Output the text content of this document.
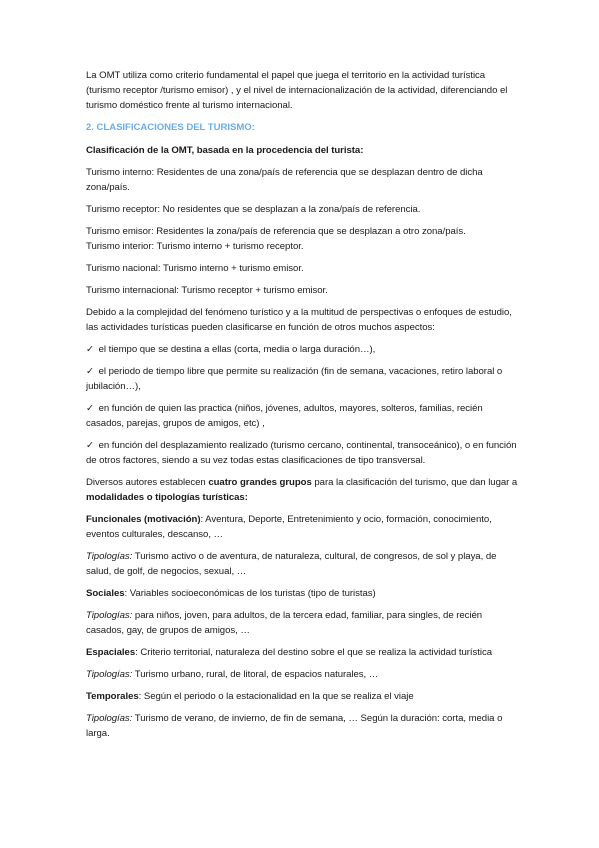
La OMT utiliza como criterio fundamental el papel que juega el territorio en la actividad turística (turismo receptor /turismo emisor) , y el nivel de internacionalización de la actividad, diferenciando el turismo doméstico frente al turismo internacional.

2. CLASIFICACIONES DEL TURISMO:

Clasificación de la OMT, basada en la procedencia del turista:

Turismo interno: Residentes de una zona/país de referencia que se desplazan dentro de dicha zona/país.

Turismo receptor: No residentes que se desplazan a la zona/país de referencia.

Turismo emisor: Residentes la zona/país de referencia que se desplazan a otro zona/país.

Turismo interior: Turismo interno + turismo receptor.

Turismo nacional: Turismo interno + turismo emisor.

Turismo internacional: Turismo receptor + turismo emisor.

Debido a la complejidad del fenómeno turístico y a la multitud de perspectivas o enfoques de estudio, las actividades turísticas pueden clasificarse en función de otros muchos aspectos:

✓ el tiempo que se destina a ellas (corta, media o larga duración…),

✓ el periodo de tiempo libre que permite su realización (fin de semana, vacaciones, retiro laboral o jubilación…),

✓ en función de quien las practica (niños, jóvenes, adultos, mayores, solteros, familias, recién casados, parejas, grupos de amigos, etc) ,

✓ en función del desplazamiento realizado (turismo cercano, continental, transoceánico), o en función de otros factores, siendo a su vez todas estas clasificaciones de tipo transversal.

Diversos autores establecen cuatro grandes grupos para la clasificación del turismo, que dan lugar a modalidades o tipologías turísticas:

Funcionales (motivación): Aventura, Deporte, Entretenimiento y ocio, formación, conocimiento, eventos culturales, descanso, …

Tipologías: Turismo activo o de aventura, de naturaleza, cultural, de congresos, de sol y playa, de salud, de golf, de negocios, sexual, …

Sociales: Variables socioeconómicas de los turistas (tipo de turistas)

Tipologías: para niños, joven, para adultos, de la tercera edad, familiar, para singles, de recién casados, gay, de grupos de amigos, …

Espaciales: Criterio territorial, naturaleza del destino sobre el que se realiza la actividad turística

Tipologías: Turismo urbano, rural, de litoral, de espacios naturales, …

Temporales: Según el periodo o la estacionalidad en la que se realiza el viaje

Tipologías: Turismo de verano, de invierno, de fin de semana, … Según la duración: corta, media o larga.
